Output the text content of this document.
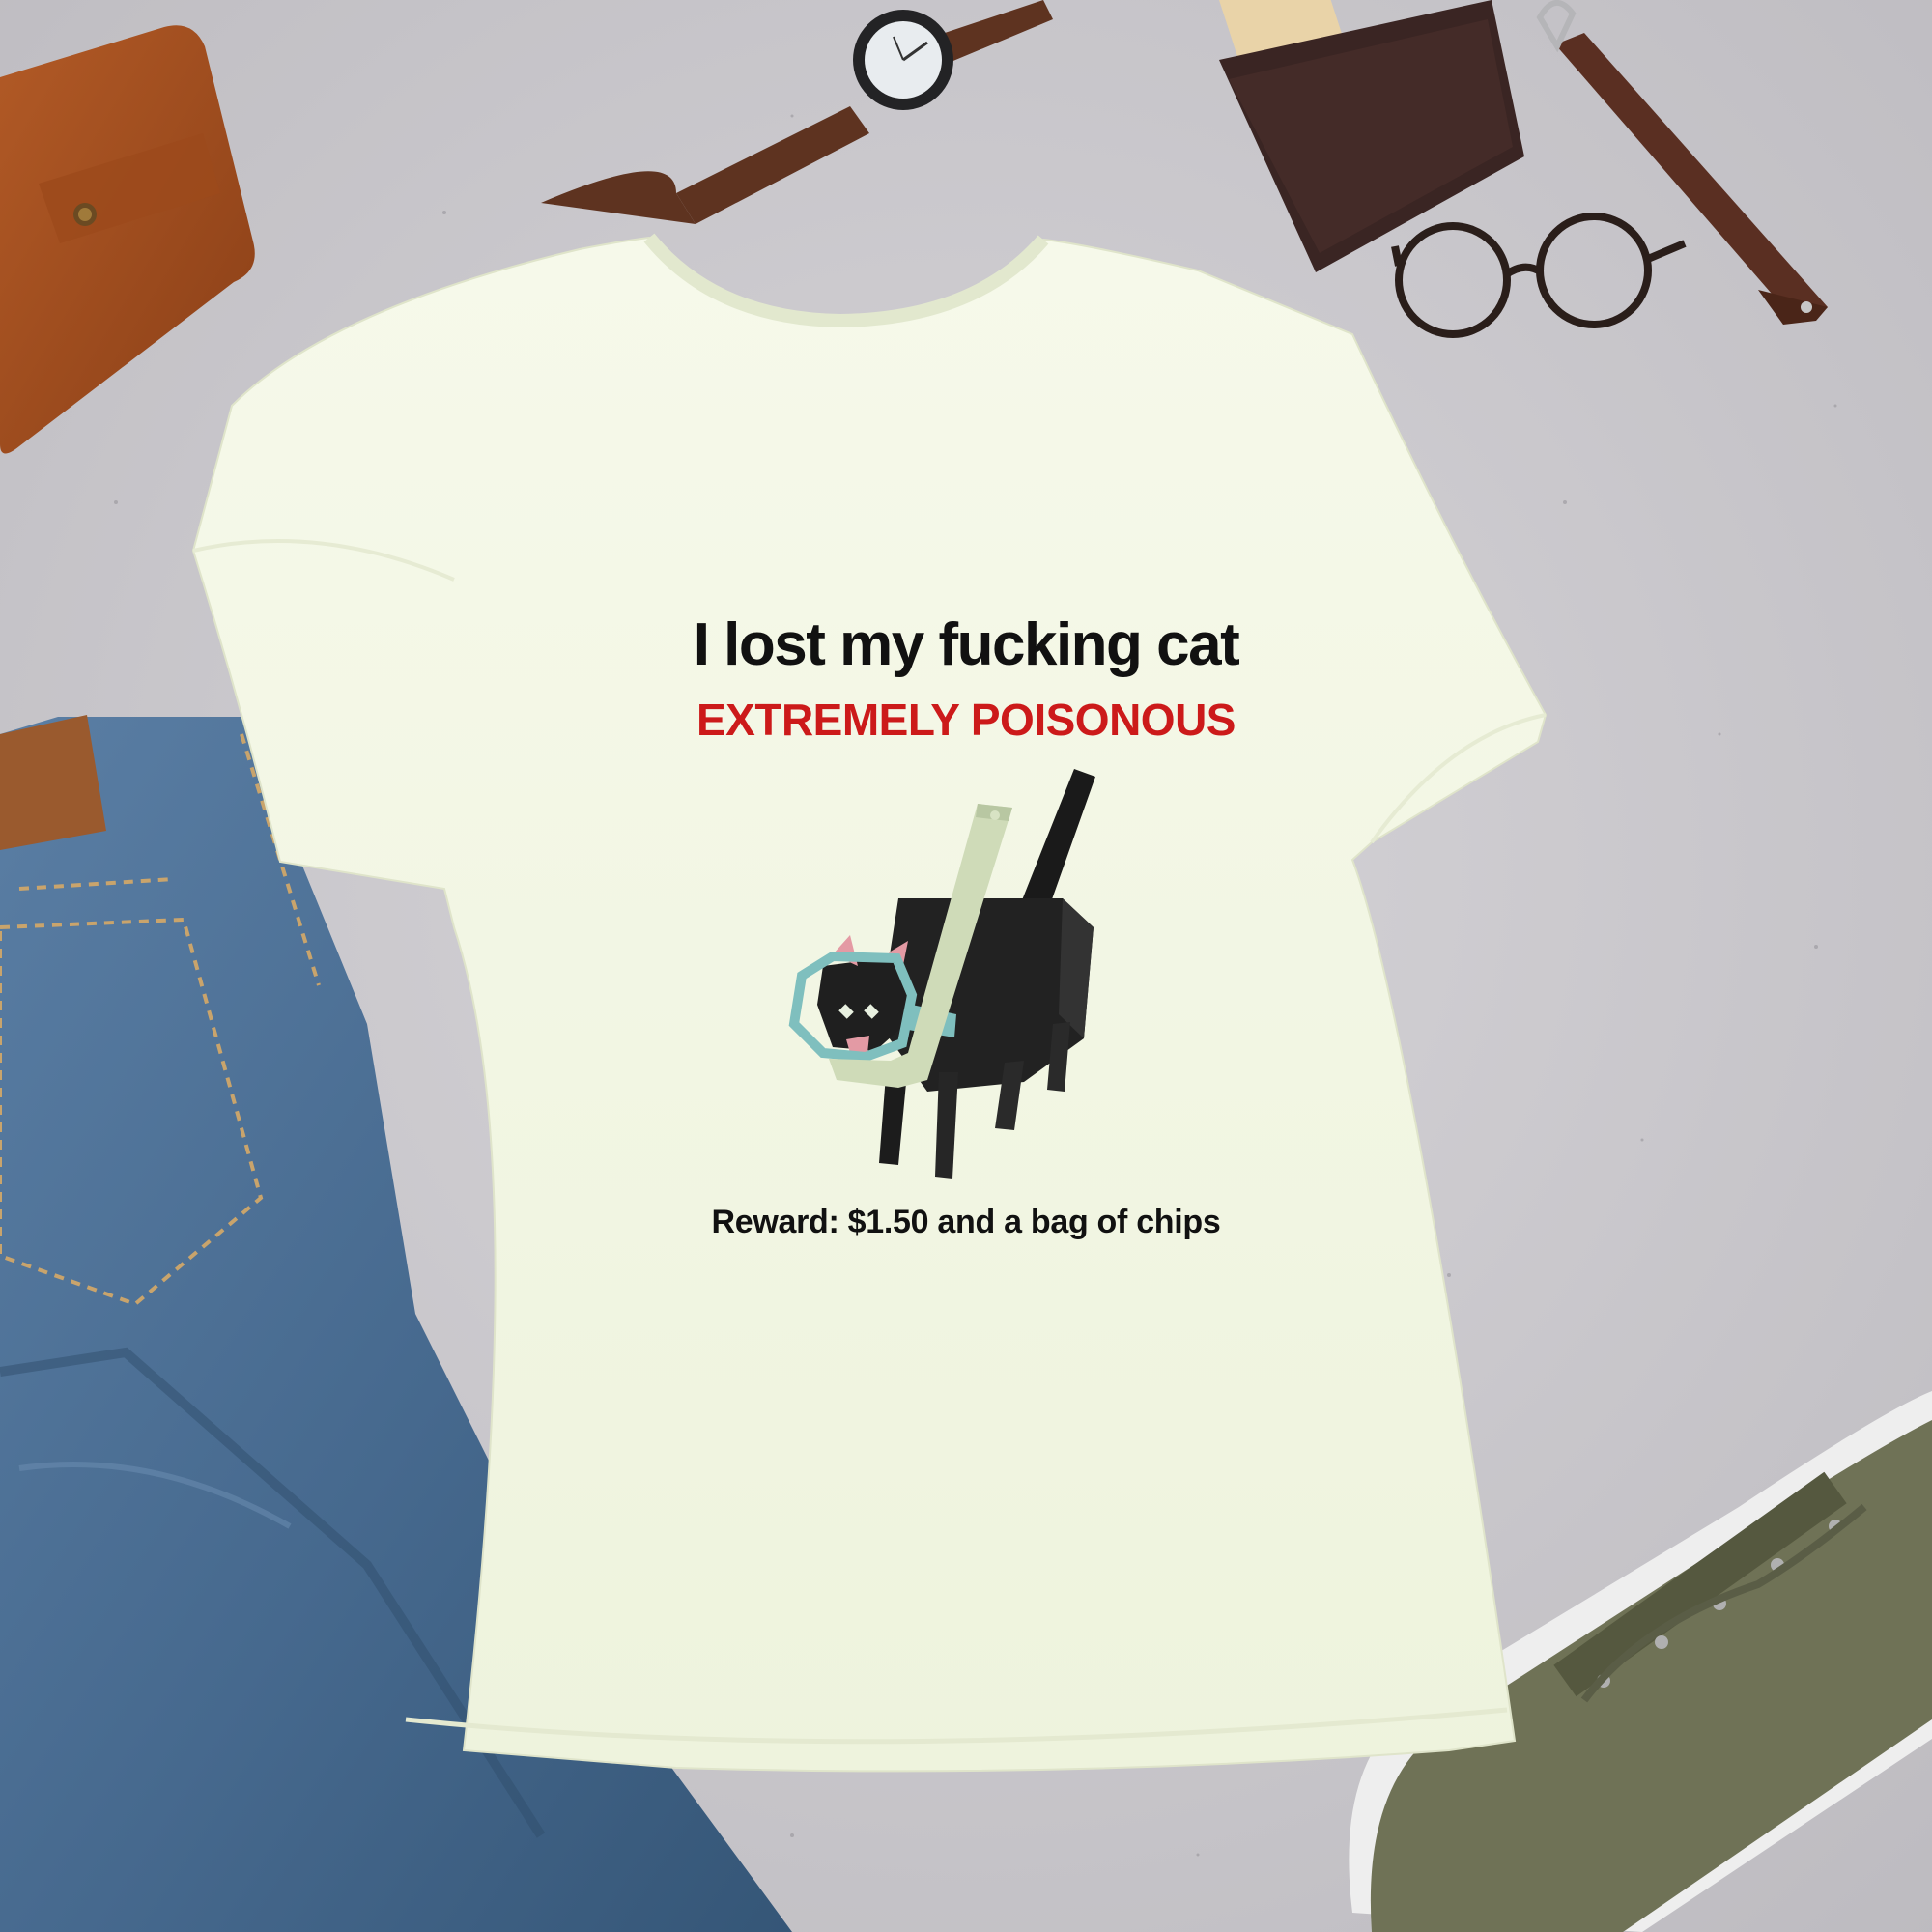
I lost my fucking cat
EXTREMELY POISONOUS
Reward: $1.50 and a bag of chips
